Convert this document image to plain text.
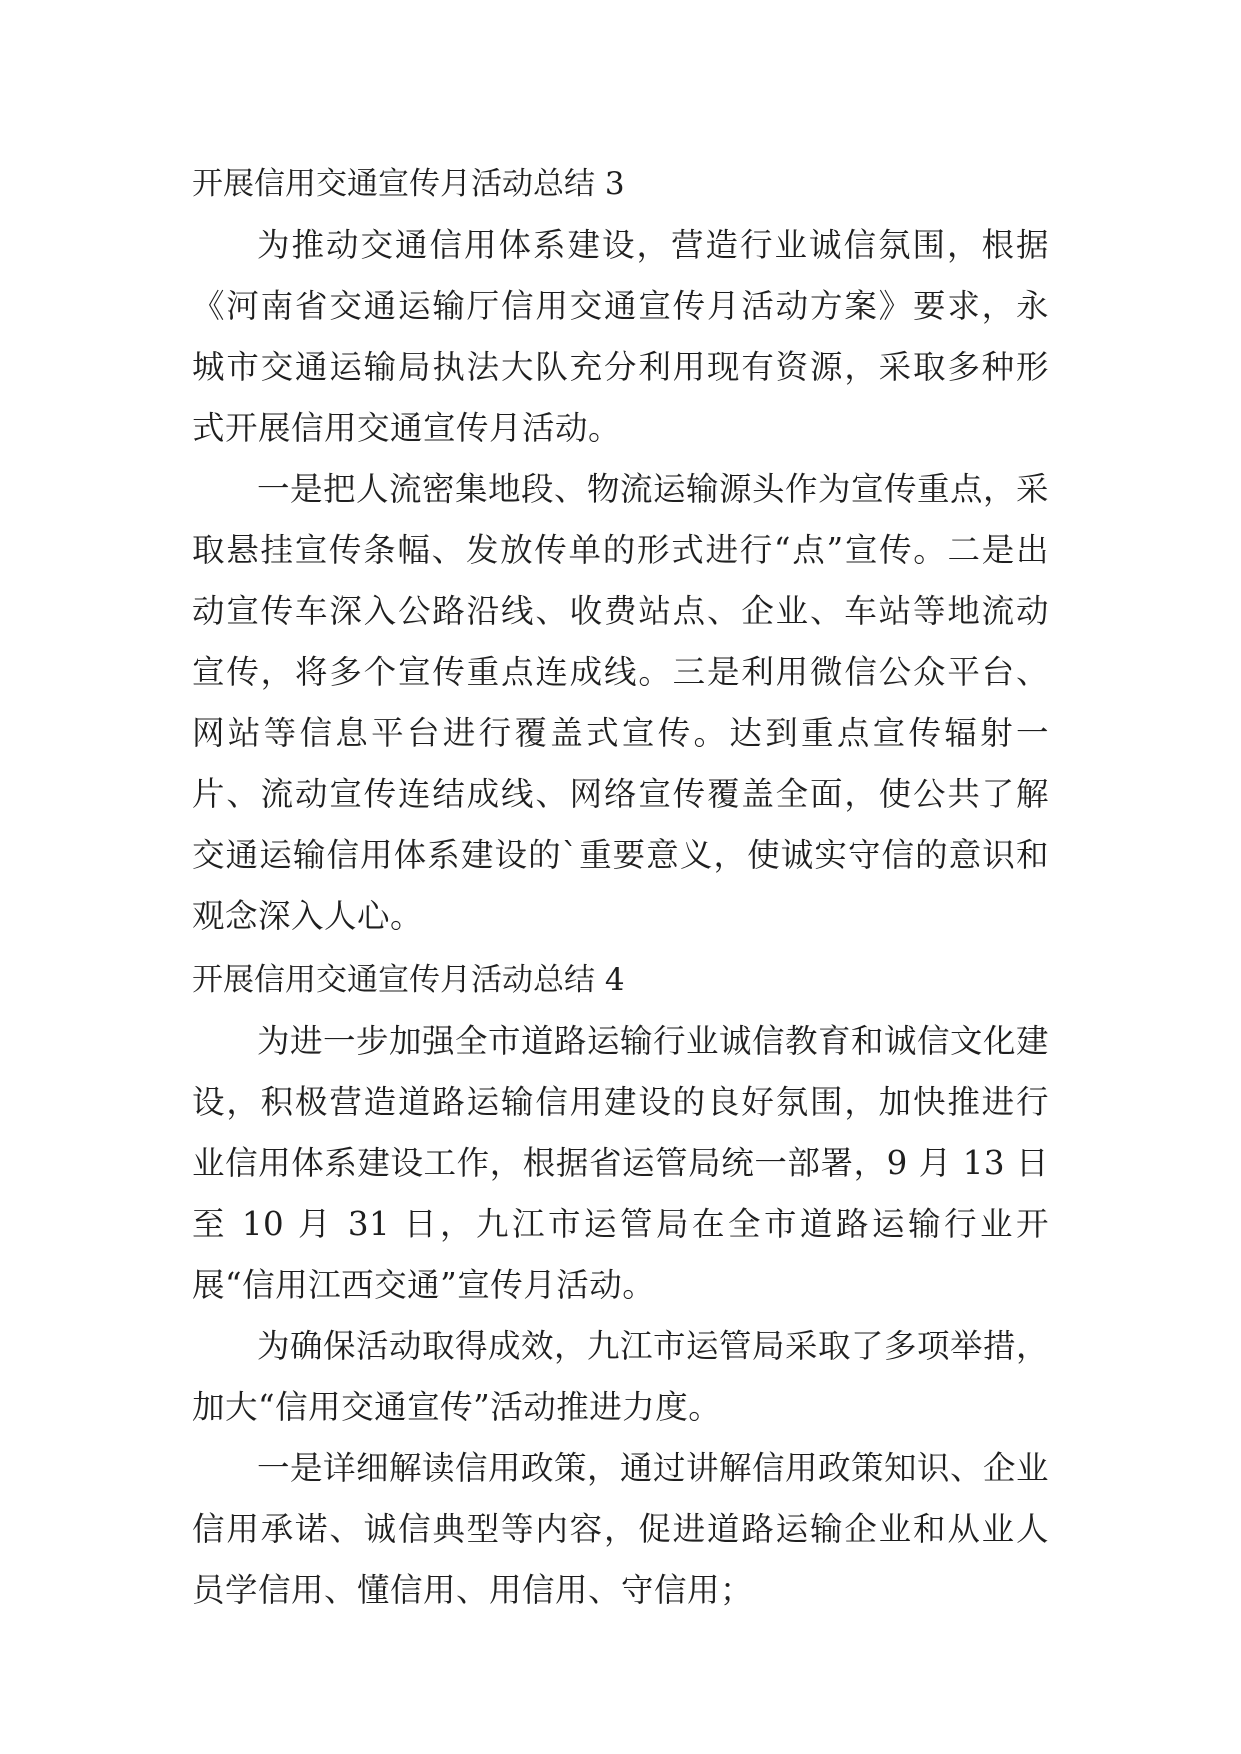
开展信用交通宣传月活动总结 3

为推动交通信用体系建设，营造行业诚信氛围，根据《河南省交通运输厅信用交通宣传月活动方案》要求，永城市交通运输局执法大队充分利用现有资源，采取多种形式开展信用交通宣传月活动。

一是把人流密集地段、物流运输源头作为宣传重点，采取悬挂宣传条幅、发放传单的形式进行“点”宣传。二是出动宣传车深入公路沿线、收费站点、企业、车站等地流动宣传，将多个宣传重点连成线。三是利用微信公众平台、网站等信息平台进行覆盖式宣传。达到重点宣传辐射一片、流动宣传连结成线、网络宣传覆盖全面，使公共了解交通运输信用体系建设的`重要意义，使诚实守信的意识和观念深入人心。

开展信用交通宣传月活动总结 4

为进一步加强全市道路运输行业诚信教育和诚信文化建设，积极营造道路运输信用建设的良好氛围，加快推进行业信用体系建设工作，根据省运管局统一部署，9 月 13 日至 10 月 31 日，九江市运管局在全市道路运输行业开展“信用江西交通”宣传月活动。

为确保活动取得成效，九江市运管局采取了多项举措，加大“信用交通宣传”活动推进力度。

一是详细解读信用政策，通过讲解信用政策知识、企业信用承诺、诚信典型等内容，促进道路运输企业和从业人员学信用、懂信用、用信用、守信用；
